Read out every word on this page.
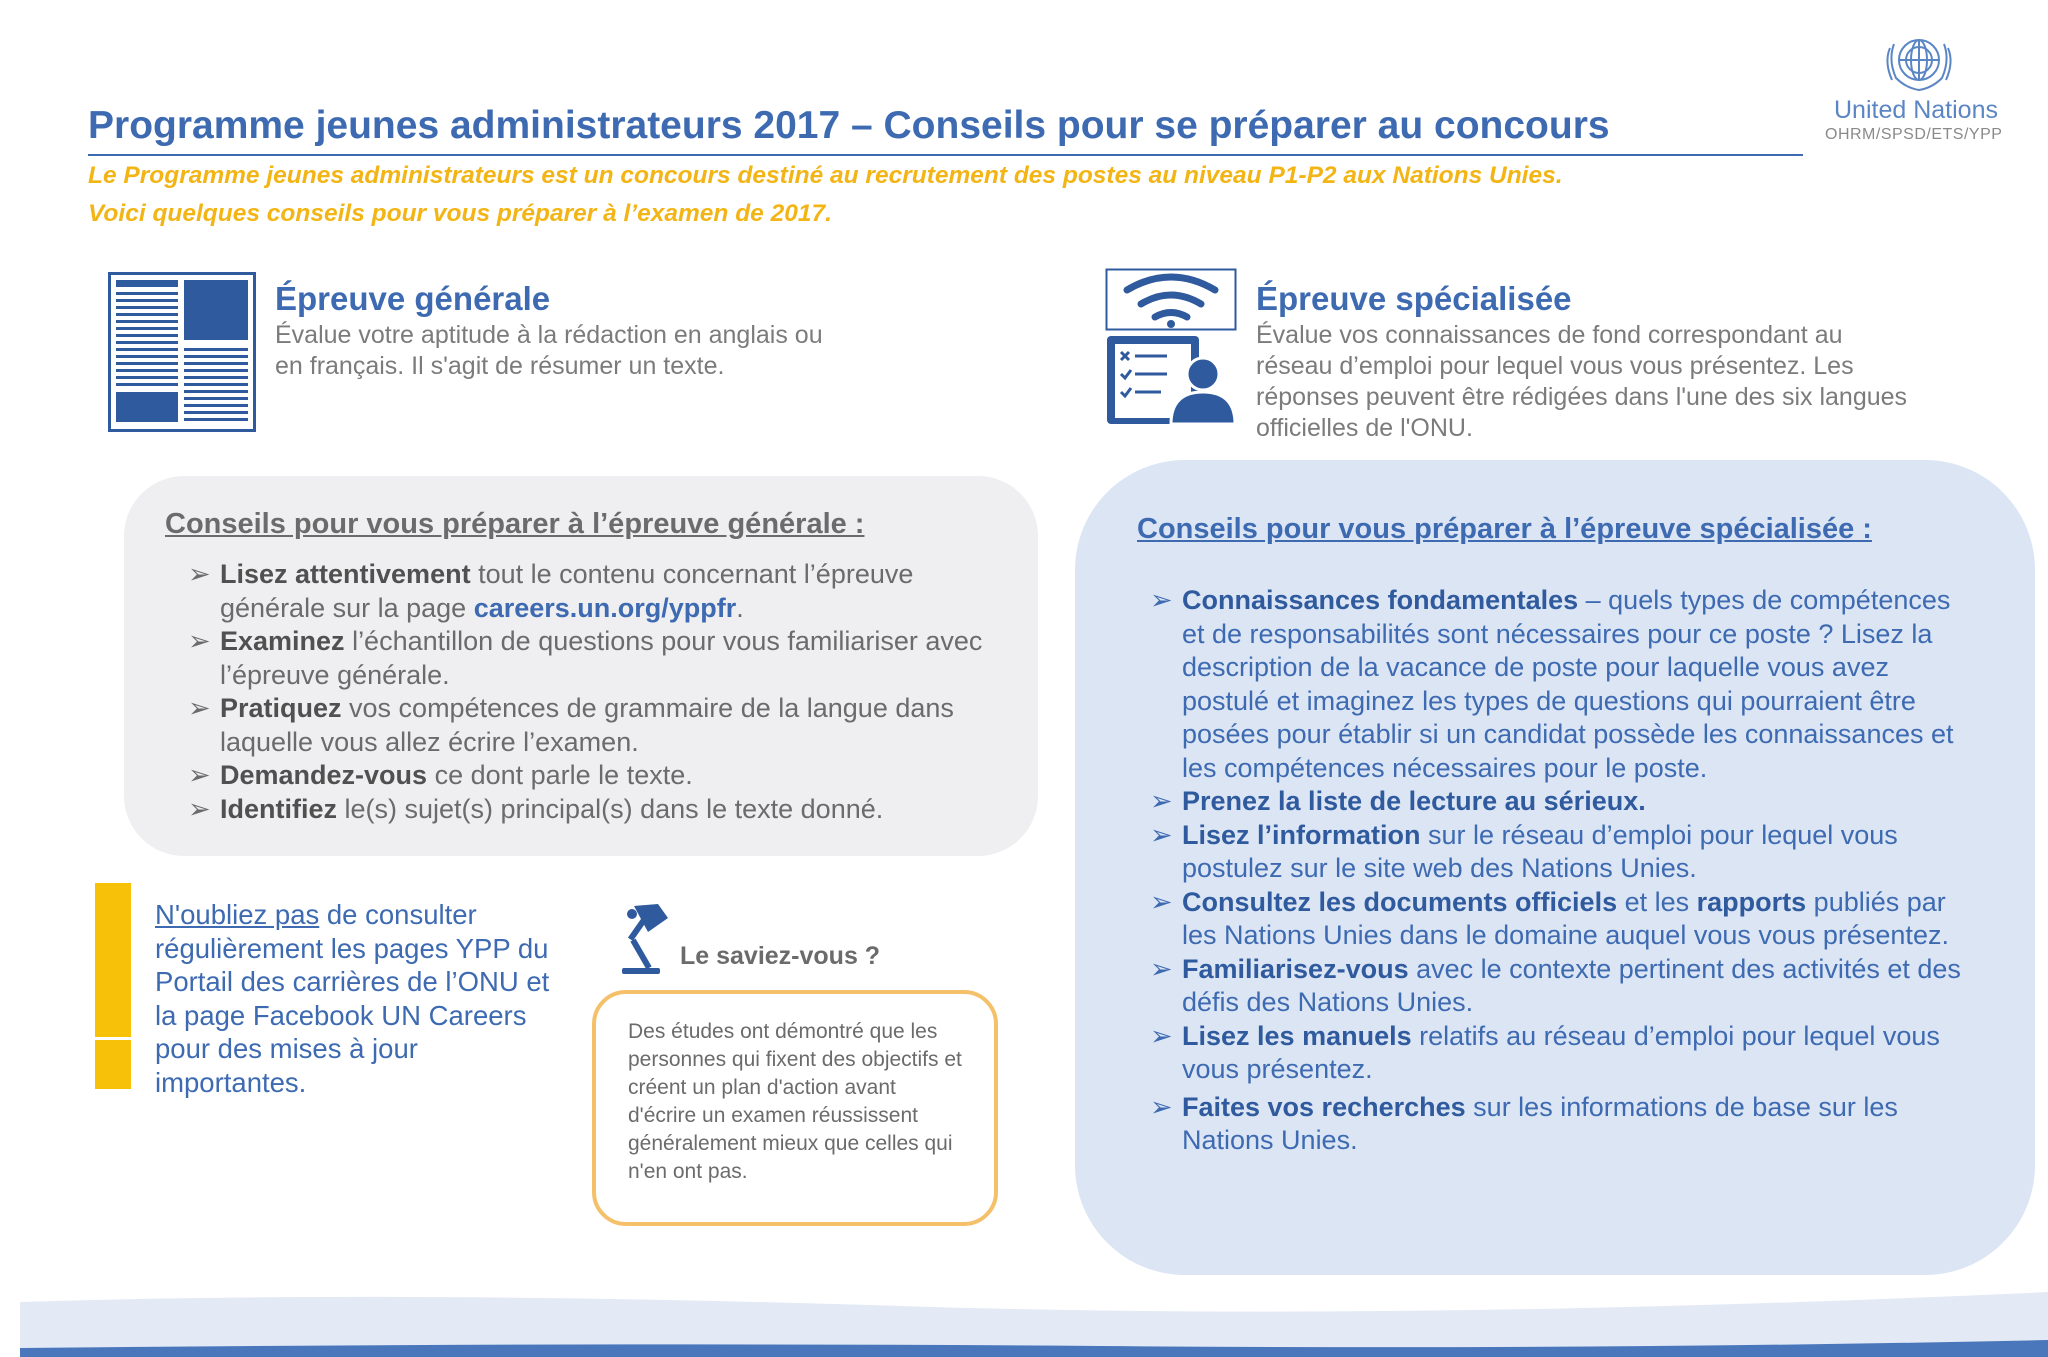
United Nations
OHRM/SPSD/ETS/YPP
Programme jeunes administrateurs 2017 – Conseils pour se préparer au concours
Le Programme jeunes administrateurs est un concours destiné au recrutement des postes au niveau P1-P2 aux Nations Unies.
Voici quelques conseils pour vous préparer à l’examen de 2017.
Épreuve générale
Évalue votre aptitude à la rédaction en anglais ou en français. Il s'agit de résumer un texte.
Épreuve spécialisée
Évalue vos connaissances de fond correspondant au réseau d’emploi pour lequel vous vous présentez. Les réponses peuvent être rédigées dans l'une des six langues officielles de l'ONU.
Conseils pour vous préparer à l’épreuve générale :
➢ Lisez attentivement tout le contenu concernant l’épreuve générale sur la page careers.un.org/yppfr.
➢ Examinez l’échantillon de questions pour vous familiariser avec l’épreuve générale.
➢ Pratiquez vos compétences de grammaire de la langue dans laquelle vous allez écrire l’examen.
➢ Demandez-vous ce dont parle le texte.
➢ Identifiez le(s) sujet(s) principal(s) dans le texte donné.
Conseils pour vous préparer à l’épreuve spécialisée :
➢ Connaissances fondamentales – quels types de compétences et de responsabilités sont nécessaires pour ce poste ? Lisez la description de la vacance de poste pour laquelle vous avez postulé et imaginez les types de questions qui pourraient être posées pour établir si un candidat possède les connaissances et les compétences nécessaires pour le poste.
➢ Prenez la liste de lecture au sérieux.
➢ Lisez l’information sur le réseau d’emploi pour lequel vous postulez sur le site web des Nations Unies.
➢ Consultez les documents officiels et les rapports publiés par les Nations Unies dans le domaine auquel vous vous présentez.
➢ Familiarisez-vous avec le contexte pertinent des activités et des défis des Nations Unies.
➢ Lisez les manuels relatifs au réseau d’emploi pour lequel vous vous présentez.
➢ Faites vos recherches sur les informations de base sur les Nations Unies.
N'oubliez pas de consulter régulièrement les pages YPP du Portail des carrières de l’ONU et la page Facebook UN Careers pour des mises à jour importantes.
Le saviez-vous ?
Des études ont démontré que les personnes qui fixent des objectifs et créent un plan d'action avant d'écrire un examen réussissent généralement mieux que celles qui n'en ont pas.
